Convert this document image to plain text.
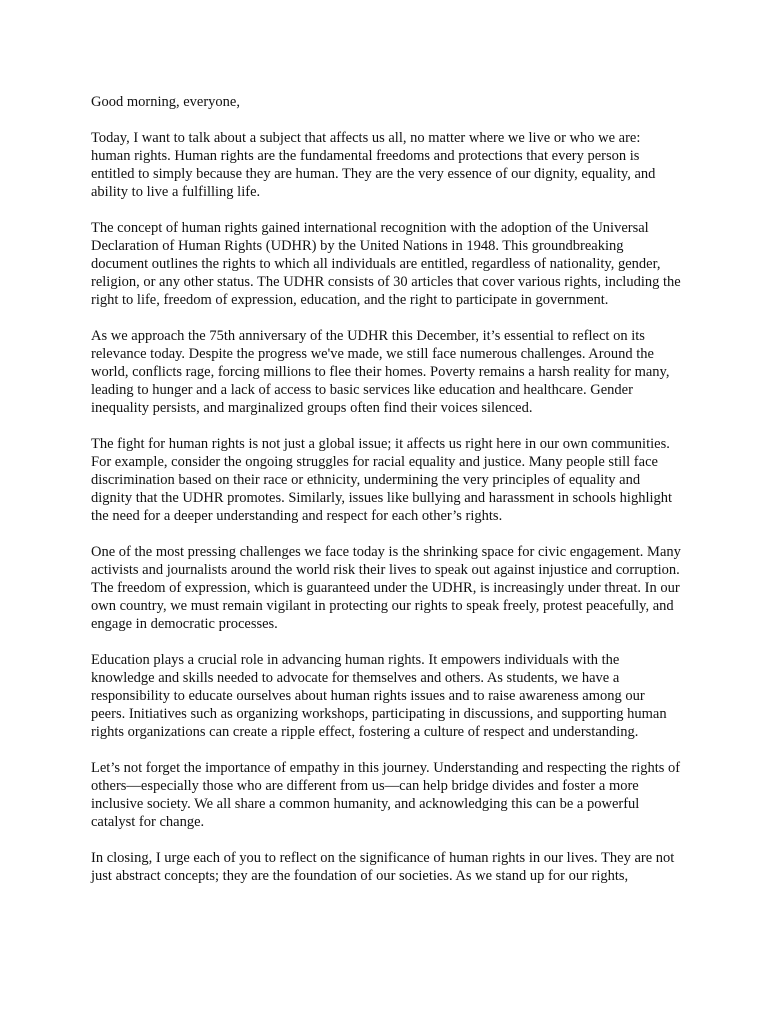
Good morning, everyone,

Today, I want to talk about a subject that affects us all, no matter where we live or who we are: human rights. Human rights are the fundamental freedoms and protections that every person is entitled to simply because they are human. They are the very essence of our dignity, equality, and ability to live a fulfilling life.

The concept of human rights gained international recognition with the adoption of the Universal Declaration of Human Rights (UDHR) by the United Nations in 1948. This groundbreaking document outlines the rights to which all individuals are entitled, regardless of nationality, gender, religion, or any other status. The UDHR consists of 30 articles that cover various rights, including the right to life, freedom of expression, education, and the right to participate in government.

As we approach the 75th anniversary of the UDHR this December, it’s essential to reflect on its relevance today. Despite the progress we've made, we still face numerous challenges. Around the world, conflicts rage, forcing millions to flee their homes. Poverty remains a harsh reality for many, leading to hunger and a lack of access to basic services like education and healthcare. Gender inequality persists, and marginalized groups often find their voices silenced.

The fight for human rights is not just a global issue; it affects us right here in our own communities. For example, consider the ongoing struggles for racial equality and justice. Many people still face discrimination based on their race or ethnicity, undermining the very principles of equality and dignity that the UDHR promotes. Similarly, issues like bullying and harassment in schools highlight the need for a deeper understanding and respect for each other’s rights.

One of the most pressing challenges we face today is the shrinking space for civic engagement. Many activists and journalists around the world risk their lives to speak out against injustice and corruption. The freedom of expression, which is guaranteed under the UDHR, is increasingly under threat. In our own country, we must remain vigilant in protecting our rights to speak freely, protest peacefully, and engage in democratic processes.

Education plays a crucial role in advancing human rights. It empowers individuals with the knowledge and skills needed to advocate for themselves and others. As students, we have a responsibility to educate ourselves about human rights issues and to raise awareness among our peers. Initiatives such as organizing workshops, participating in discussions, and supporting human rights organizations can create a ripple effect, fostering a culture of respect and understanding.

Let’s not forget the importance of empathy in this journey. Understanding and respecting the rights of others—especially those who are different from us—can help bridge divides and foster a more inclusive society. We all share a common humanity, and acknowledging this can be a powerful catalyst for change.

In closing, I urge each of you to reflect on the significance of human rights in our lives. They are not just abstract concepts; they are the foundation of our societies. As we stand up for our rights,
